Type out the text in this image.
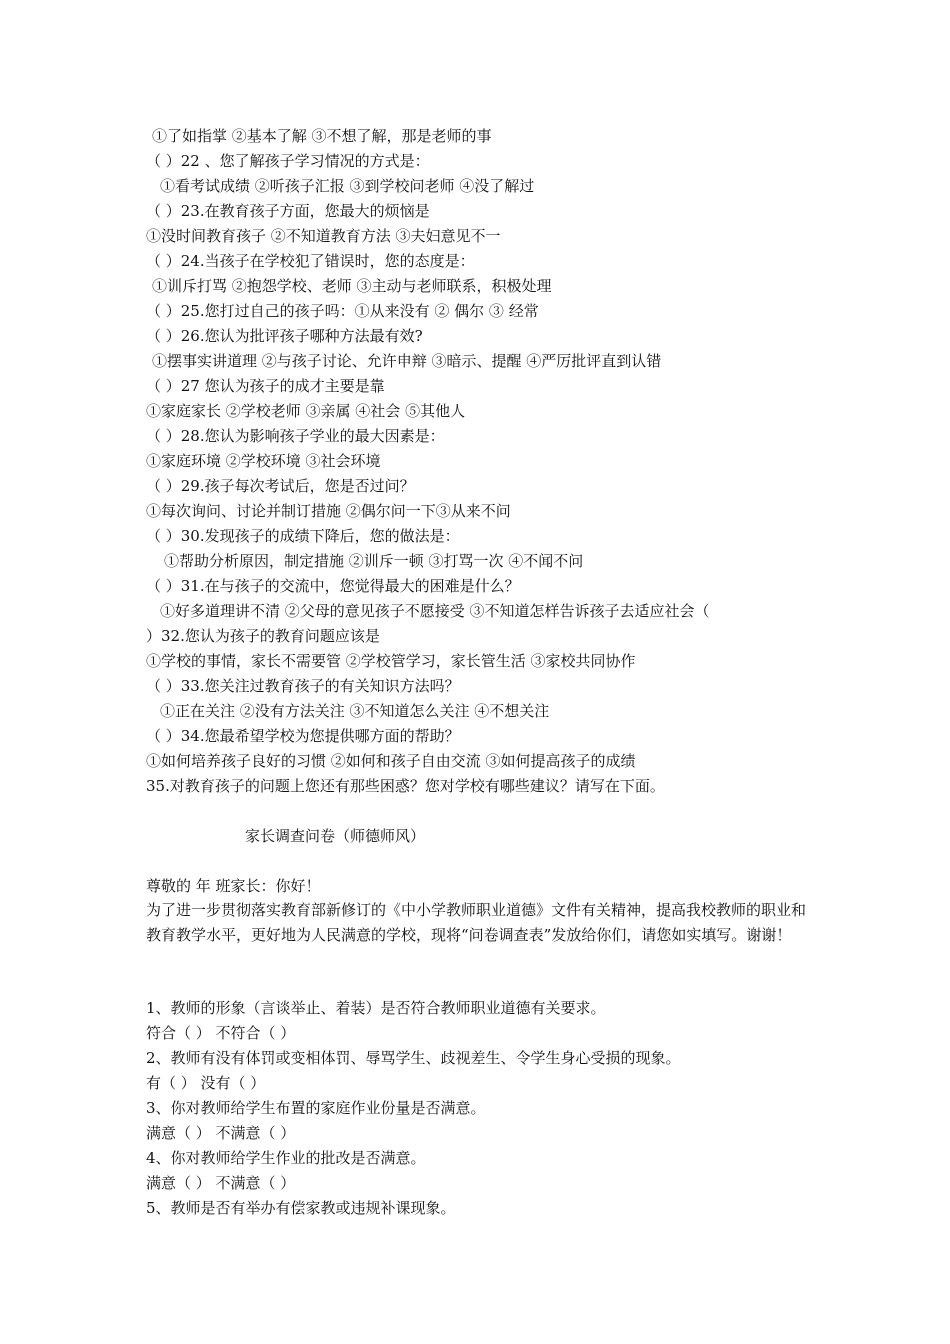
①了如指掌 ②基本了解 ③不想了解，那是老师的事
（ ）22 、您了解孩子学习情况的方式是：
①看考试成绩 ②听孩子汇报 ③到学校问老师 ④没了解过
（ ）23.在教育孩子方面，您最大的烦恼是
①没时间教育孩子 ②不知道教育方法 ③夫妇意见不一
（ ）24.当孩子在学校犯了错误时，您的态度是：
①训斥打骂 ②抱怨学校、老师 ③主动与老师联系，积极处理
（ ）25.您打过自己的孩子吗：①从来没有 ② 偶尔 ③ 经常
（ ）26.您认为批评孩子哪种方法最有效?
①摆事实讲道理 ②与孩子讨论、允许申辩 ③暗示、提醒 ④严厉批评直到认错
（ ）27 您认为孩子的成才主要是靠
①家庭家长 ②学校老师 ③亲属 ④社会 ⑤其他人
（ ）28.您认为影响孩子学业的最大因素是：
①家庭环境 ②学校环境 ③社会环境
（ ）29.孩子每次考试后，您是否过问？
①每次询问、讨论并制订措施 ②偶尔问一下③从来不问
（ ）30.发现孩子的成绩下降后，您的做法是：
①帮助分析原因，制定措施 ②训斥一顿 ③打骂一次 ④不闻不问
（ ）31.在与孩子的交流中，您觉得最大的困难是什么？
①好多道理讲不清 ②父母的意见孩子不愿接受 ③不知道怎样告诉孩子去适应社会（
）32.您认为孩子的教育问题应该是
①学校的事情，家长不需要管 ②学校管学习，家长管生活 ③家校共同协作
（ ）33.您关注过教育孩子的有关知识方法吗？
①正在关注 ②没有方法关注 ③不知道怎么关注 ④不想关注
（ ）34.您最希望学校为您提供哪方面的帮助？
①如何培养孩子良好的习惯 ②如何和孩子自由交流 ③如何提高孩子的成绩
35.对教育孩子的问题上您还有那些困惑？您对学校有哪些建议？请写在下面。
家长调查问卷（师德师风）
尊敬的 年 班家长：你好！
为了进一步贯彻落实教育部新修订的《中小学教师职业道德》文件有关精神，提高我校教师的职业和教育教学水平，更好地为人民满意的学校，现将“问卷调查表”发放给你们，请您如实填写。谢谢！
1、教师的形象（言谈举止、着装）是否符合教师职业道德有关要求。
符合（ ） 不符合（ ）
2、教师有没有体罚或变相体罚、辱骂学生、歧视差生、令学生身心受损的现象。
有（ ） 没有（ ）
3、你对教师给学生布置的家庭作业份量是否满意。
满意（ ） 不满意（ ）
4、你对教师给学生作业的批改是否满意。
满意（ ） 不满意（ ）
5、教师是否有举办有偿家教或违规补课现象。
